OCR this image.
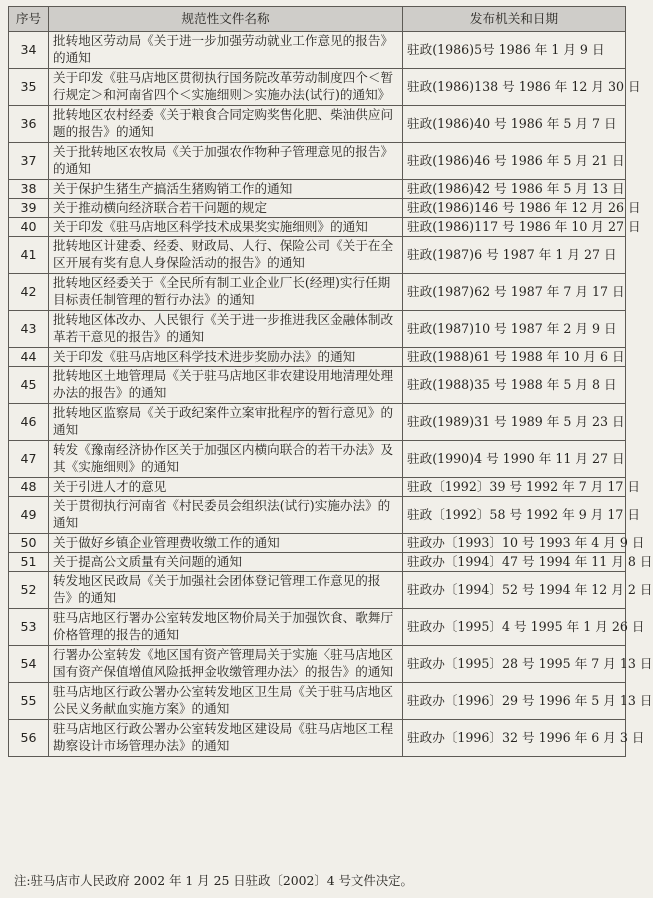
序号	规范性文件名称	发布机关和日期
34	批转地区劳动局《关于进一步加强劳动就业工作意见的报告》的通知	驻政(1986)5号 1986 年 1 月 9 日
35	关于印发《驻马店地区贯彻执行国务院改革劳动制度四个＜暂行规定＞和河南省四个＜实施细则＞实施办法(试行)的通知》	驻政(1986)138 号 1986 年 12 月 30 日
36	批转地区农村经委《关于粮食合同定购奖售化肥、柴油供应问题的报告》的通知	驻政(1986)40 号 1986 年 5 月 7 日
37	关于批转地区农牧局《关于加强农作物种子管理意见的报告》的通知	驻政(1986)46 号 1986 年 5 月 21 日
38	关于保护生猪生产搞活生猪购销工作的通知	驻政(1986)42 号 1986 年 5 月 13 日
39	关于推动横向经济联合若干问题的规定	驻政(1986)146 号 1986 年 12 月 26 日
40	关于印发《驻马店地区科学技术成果奖实施细则》的通知	驻政(1986)117 号 1986 年 10 月 27 日
41	批转地区计建委、经委、财政局、人行、保险公司《关于在全区开展有奖有息人身保险活动的报告》的通知	驻政(1987)6 号 1987 年 1 月 27 日
42	批转地区经委关于《全民所有制工业企业厂长(经理)实行任期目标责任制管理的暂行办法》的通知	驻政(1987)62 号 1987 年 7 月 17 日
43	批转地区体改办、人民银行《关于进一步推进我区金融体制改革若干意见的报告》的通知	驻政(1987)10 号 1987 年 2 月 9 日
44	关于印发《驻马店地区科学技术进步奖励办法》的通知	驻政(1988)61 号 1988 年 10 月 6 日
45	批转地区土地管理局《关于驻马店地区非农建设用地清理处理办法的报告》的通知	驻政(1988)35 号 1988 年 5 月 8 日
46	批转地区监察局《关于政纪案件立案审批程序的暂行意见》的通知	驻政(1989)31 号 1989 年 5 月 23 日
47	转发《豫南经济协作区关于加强区内横向联合的若干办法》及其《实施细则》的通知	驻政(1990)4 号 1990 年 11 月 27 日
48	关于引进人才的意见	驻政〔1992〕39 号 1992 年 7 月 17 日
49	关于贯彻执行河南省《村民委员会组织法(试行)实施办法》的通知	驻政〔1992〕58 号 1992 年 9 月 17 日
50	关于做好乡镇企业管理费收缴工作的通知	驻政办〔1993〕10 号 1993 年 4 月 9 日
51	关于提高公文质量有关问题的通知	驻政办〔1994〕47 号 1994 年 11 月 8 日
52	转发地区民政局《关于加强社会团体登记管理工作意见的报告》的通知	驻政办〔1994〕52 号 1994 年 12 月 2 日
53	驻马店地区行署办公室转发地区物价局关于加强饮食、歌舞厅价格管理的报告的通知	驻政办〔1995〕4 号 1995 年 1 月 26 日
54	行署办公室转发《地区国有资产管理局关于实施〈驻马店地区国有资产保值增值风险抵押金收缴管理办法〉的报告》的通知	驻政办〔1995〕28 号 1995 年 7 月 13 日
55	驻马店地区行政公署办公室转发地区卫生局《关于驻马店地区公民义务献血实施方案》的通知	驻政办〔1996〕29 号 1996 年 5 月 13 日
56	驻马店地区行政公署办公室转发地区建设局《驻马店地区工程勘察设计市场管理办法》的通知	驻政办〔1996〕32 号 1996 年 6 月 3 日
注:驻马店市人民政府 2002 年 1 月 25 日驻政〔2002〕4 号文件决定。
